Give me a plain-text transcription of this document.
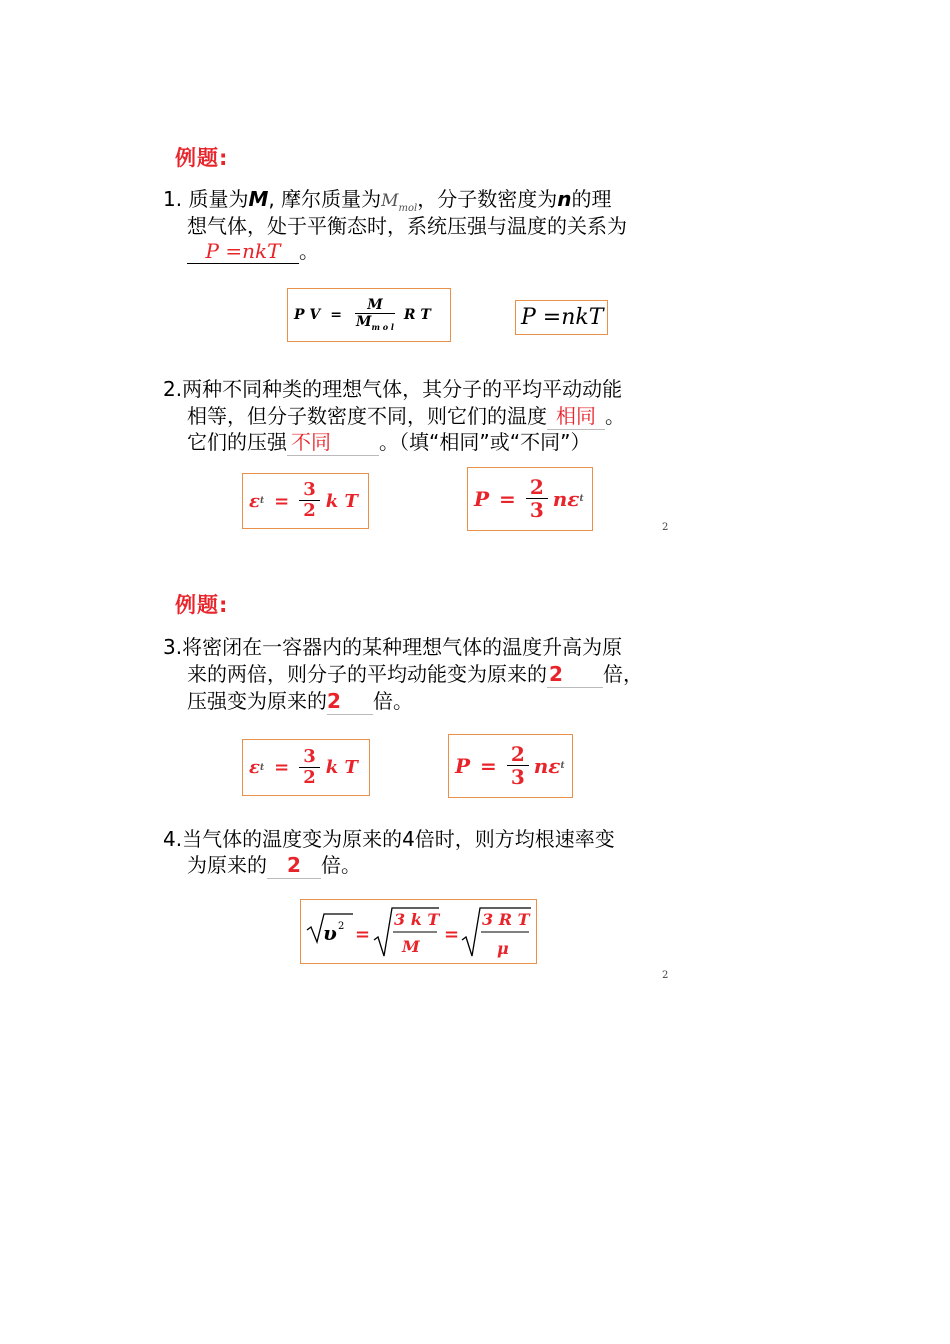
例题:
1. 质量为M, 摩尔质量为$M_{mol}$，分子数密度为n的理
想气体，处于平衡态时，系统压强与温度的关系为
P =nkT 。
P $V = \frac{M}{M_{m o l}}$ R T	P =nkT
2.两种不同种类的理想气体，其分子的平均平动动能
相等，但分子数密度不同，则它们的温度 相同 。
它们的压强 不同 。（填“相同”或“不同”）
ε $t = \frac{3}{2}$ k T	$P = \frac{2}{3}$ n ε t
2
例题:
3.将密闭在一容器内的某种理想气体的温度升高为原
来的两倍，则分子的平均动能变为原来的 2 倍，
压强变为原来的2 倍。
ε $t = \frac{3}{2}$ k T	$P = \frac{2}{3}$ n ε t
4.当气体的温度变为原来的4倍时，则方均根速率变
为原来的 2 倍。
υ 2 =
3 k T
M
=
3 R T
μ
2
